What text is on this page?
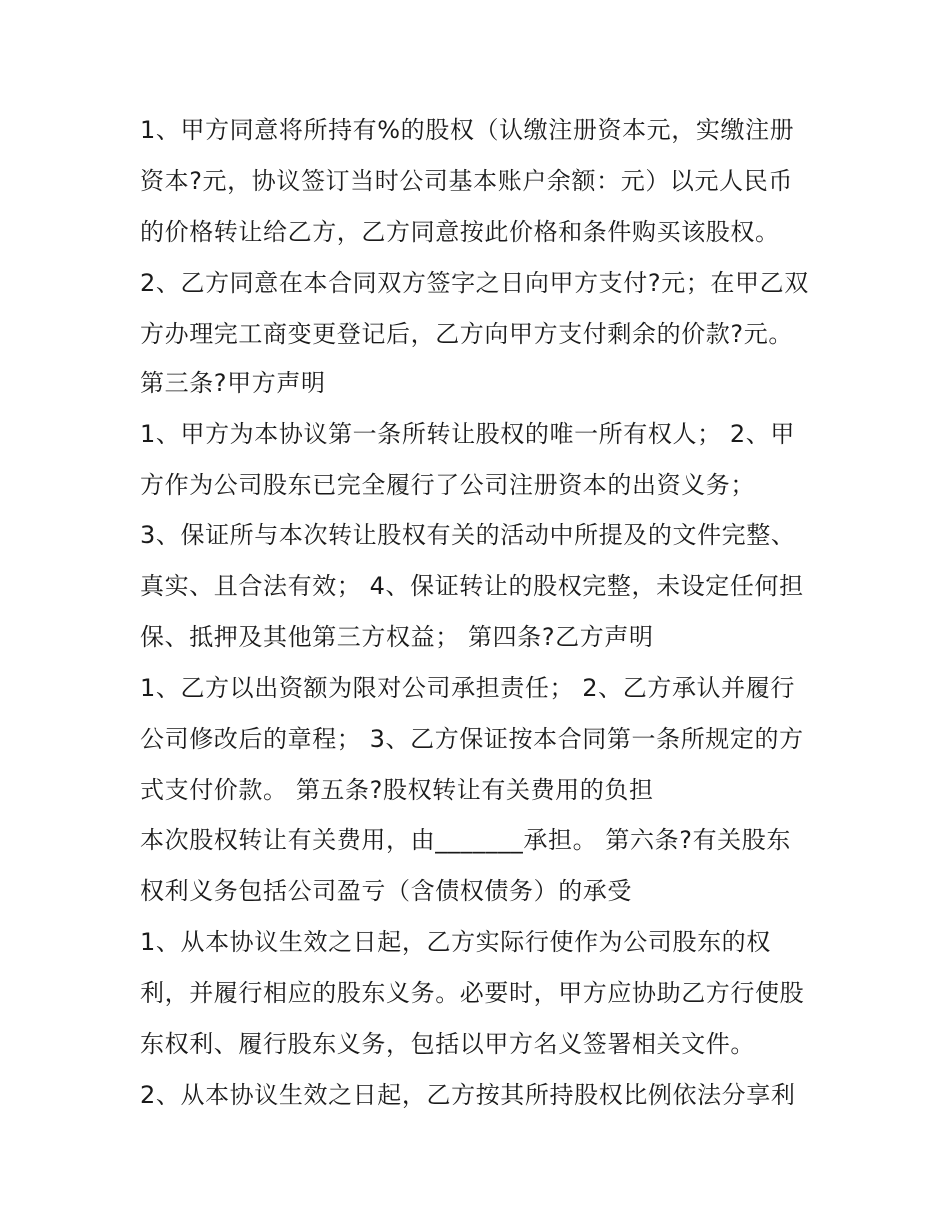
1、甲方同意将所持有%的股权（认缴注册资本元，实缴注册
资本?元，协议签订当时公司基本账户余额：元）以元人民币
的价格转让给乙方，乙方同意按此价格和条件购买该股权。
2、乙方同意在本合同双方签字之日向甲方支付?元；在甲乙双
方办理完工商变更登记后，乙方向甲方支付剩余的价款?元。
第三条?甲方声明
1、甲方为本协议第一条所转让股权的唯一所有权人； 2、甲
方作为公司股东已完全履行了公司注册资本的出资义务；
3、保证所与本次转让股权有关的活动中所提及的文件完整、
真实、且合法有效； 4、保证转让的股权完整，未设定任何担
保、抵押及其他第三方权益； 第四条?乙方声明
1、乙方以出资额为限对公司承担责任； 2、乙方承认并履行
公司修改后的章程； 3、乙方保证按本合同第一条所规定的方
式支付价款。 第五条?股权转让有关费用的负担
本次股权转让有关费用，由_______承担。 第六条?有关股东
权利义务包括公司盈亏（含债权债务）的承受
1、从本协议生效之日起，乙方实际行使作为公司股东的权
利，并履行相应的股东义务。必要时，甲方应协助乙方行使股
东权利、履行股东义务，包括以甲方名义签署相关文件。
2、从本协议生效之日起，乙方按其所持股权比例依法分享利
